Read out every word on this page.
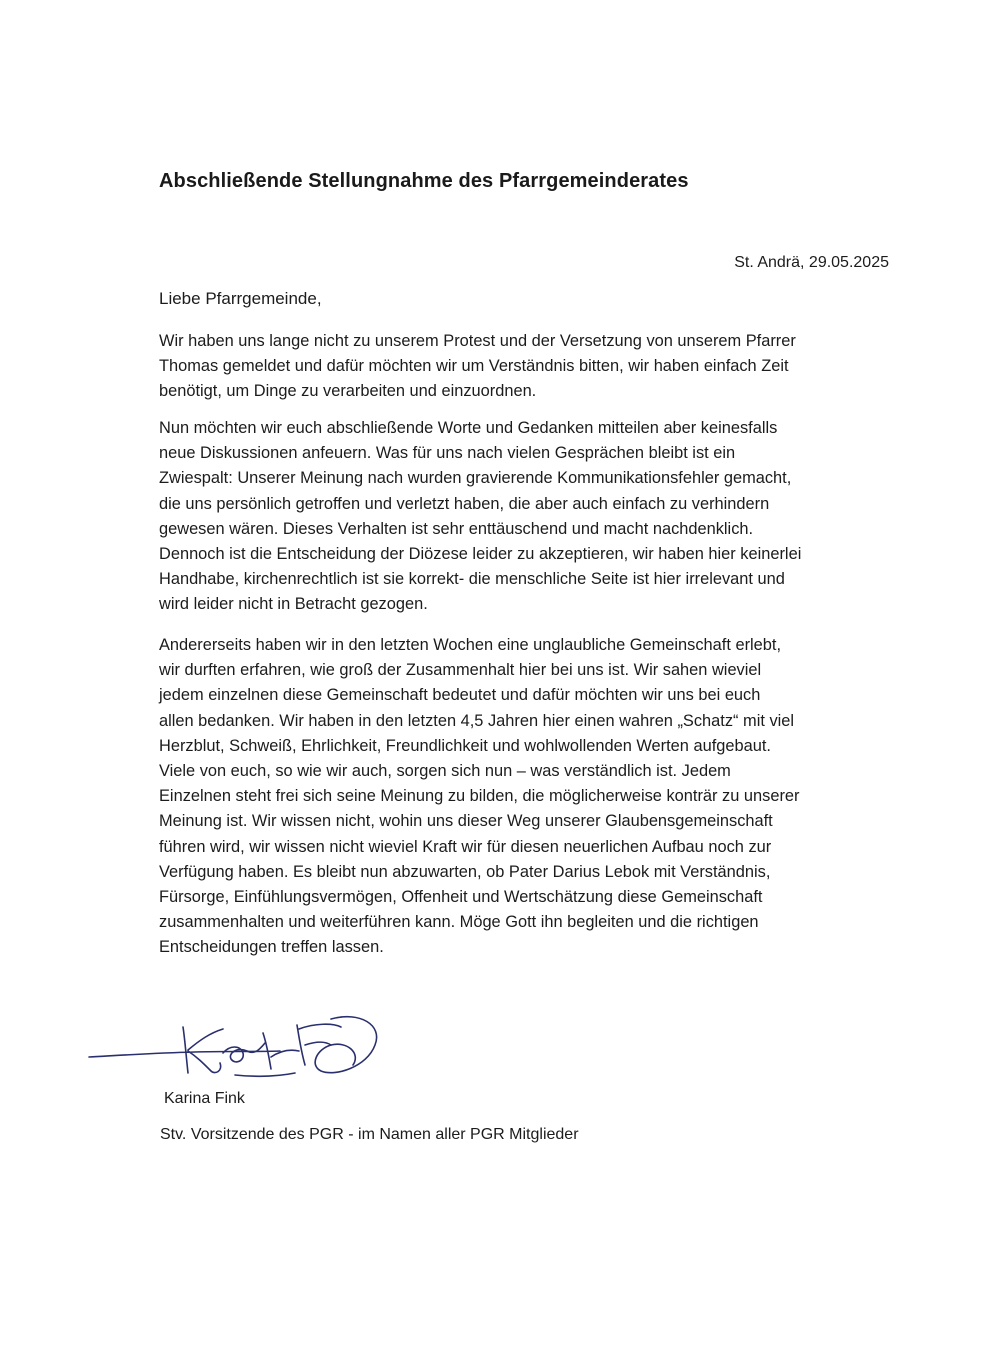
Abschließende Stellungnahme des Pfarrgemeinderates
St. Andrä, 29.05.2025
Liebe Pfarrgemeinde,
Wir haben uns lange nicht zu unserem Protest und der Versetzung von unserem Pfarrer
Thomas gemeldet und dafür möchten wir um Verständnis bitten, wir haben einfach Zeit
benötigt, um Dinge zu verarbeiten und einzuordnen.
Nun möchten wir euch abschließende Worte und Gedanken mitteilen aber keinesfalls
neue Diskussionen anfeuern. Was für uns nach vielen Gesprächen bleibt ist ein
Zwiespalt: Unserer Meinung nach wurden gravierende Kommunikationsfehler gemacht,
die uns persönlich getroffen und verletzt haben, die aber auch einfach zu verhindern
gewesen wären. Dieses Verhalten ist sehr enttäuschend und macht nachdenklich.
Dennoch ist die Entscheidung der Diözese leider zu akzeptieren, wir haben hier keinerlei
Handhabe, kirchenrechtlich ist sie korrekt- die menschliche Seite ist hier irrelevant und
wird leider nicht in Betracht gezogen.
Andererseits haben wir in den letzten Wochen eine unglaubliche Gemeinschaft erlebt,
wir durften erfahren, wie groß der Zusammenhalt hier bei uns ist. Wir sahen wieviel
jedem einzelnen diese Gemeinschaft bedeutet und dafür möchten wir uns bei euch
allen bedanken. Wir haben in den letzten 4,5 Jahren hier einen wahren „Schatz“ mit viel
Herzblut, Schweiß, Ehrlichkeit, Freundlichkeit und wohlwollenden Werten aufgebaut.
Viele von euch, so wie wir auch, sorgen sich nun – was verständlich ist. Jedem
Einzelnen steht frei sich seine Meinung zu bilden, die möglicherweise konträr zu unserer
Meinung ist. Wir wissen nicht, wohin uns dieser Weg unserer Glaubensgemeinschaft
führen wird, wir wissen nicht wieviel Kraft wir für diesen neuerlichen Aufbau noch zur
Verfügung haben. Es bleibt nun abzuwarten, ob Pater Darius Lebok mit Verständnis,
Fürsorge, Einfühlungsvermögen, Offenheit und Wertschätzung diese Gemeinschaft
zusammenhalten und weiterführen kann. Möge Gott ihn begleiten und die richtigen
Entscheidungen treffen lassen.
Karina Fink
Stv. Vorsitzende des PGR - im Namen aller PGR Mitglieder
